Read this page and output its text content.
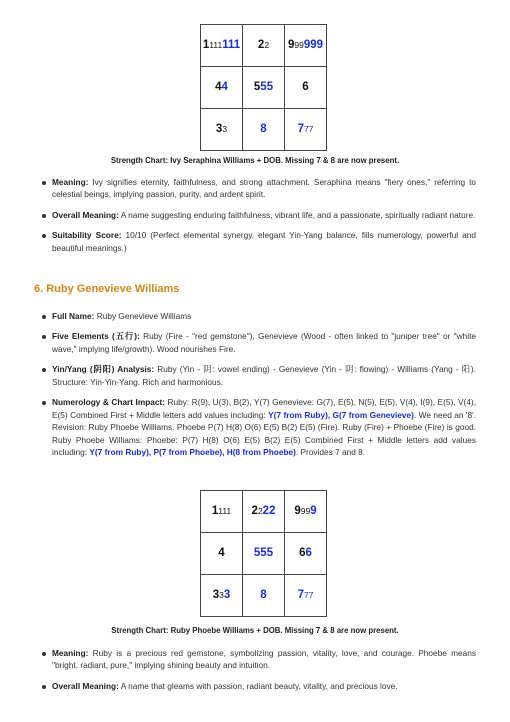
1111111	22	999999
44	555	6
33	8	777
Strength Chart: Ivy Seraphina Williams + DOB. Missing 7 & 8 are now present.
Meaning: Ivy signifies eternity, faithfulness, and strong attachment. Seraphina means "fiery ones," referring to celestial beings, implying passion, purity, and ardent spirit.
Overall Meaning: A name suggesting enduring faithfulness, vibrant life, and a passionate, spiritually radiant nature.
Suitability Score: 10/10 (Perfect elemental synergy, elegant Yin-Yang balance, fills numerology, powerful and beautiful meanings.)
6. Ruby Genevieve Williams
Full Name: Ruby Genevieve Williams
Five Elements (五行): Ruby (Fire - "red gemstone"), Genevieve (Wood - often linked to "juniper tree" or "white wave," implying life/growth). Wood nourishes Fire.
Yin/Yang (阴阳) Analysis: Ruby (Yin - 阴: vowel ending) - Genevieve (Yin - 阴: flowing) - Williams (Yang - 阳). Structure: Yin-Yin-Yang. Rich and harmonious.
Numerology & Chart Impact: Ruby: R(9), U(3), B(2), Y(7) Genevieve: G(7), E(5), N(5), E(5), V(4), I(9), E(5), V(4), E(5) Combined First + Middle letters add values including: Y(7 from Ruby), G(7 from Genevieve). We need an '8'. Revision: Ruby Phoebe Williams. Phoebe P(7) H(8) O(6) E(5) B(2) E(5) (Fire). Ruby (Fire) + Phoebe (Fire) is good. Ruby Phoebe Williams: Phoebe: P(7) H(8) O(6) E(5) B(2) E(5) Combined First + Middle letters add values including: Y(7 from Ruby), P(7 from Phoebe), H(8 from Phoebe). Provides 7 and 8.
1111	2222	9999
4	555	66
333	8	777
Strength Chart: Ruby Phoebe Williams + DOB. Missing 7 & 8 are now present.
Meaning: Ruby is a precious red gemstone, symbolizing passion, vitality, love, and courage. Phoebe means "bright, radiant, pure," implying shining beauty and intuition.
Overall Meaning: A name that gleams with passion, radiant beauty, vitality, and precious love.
